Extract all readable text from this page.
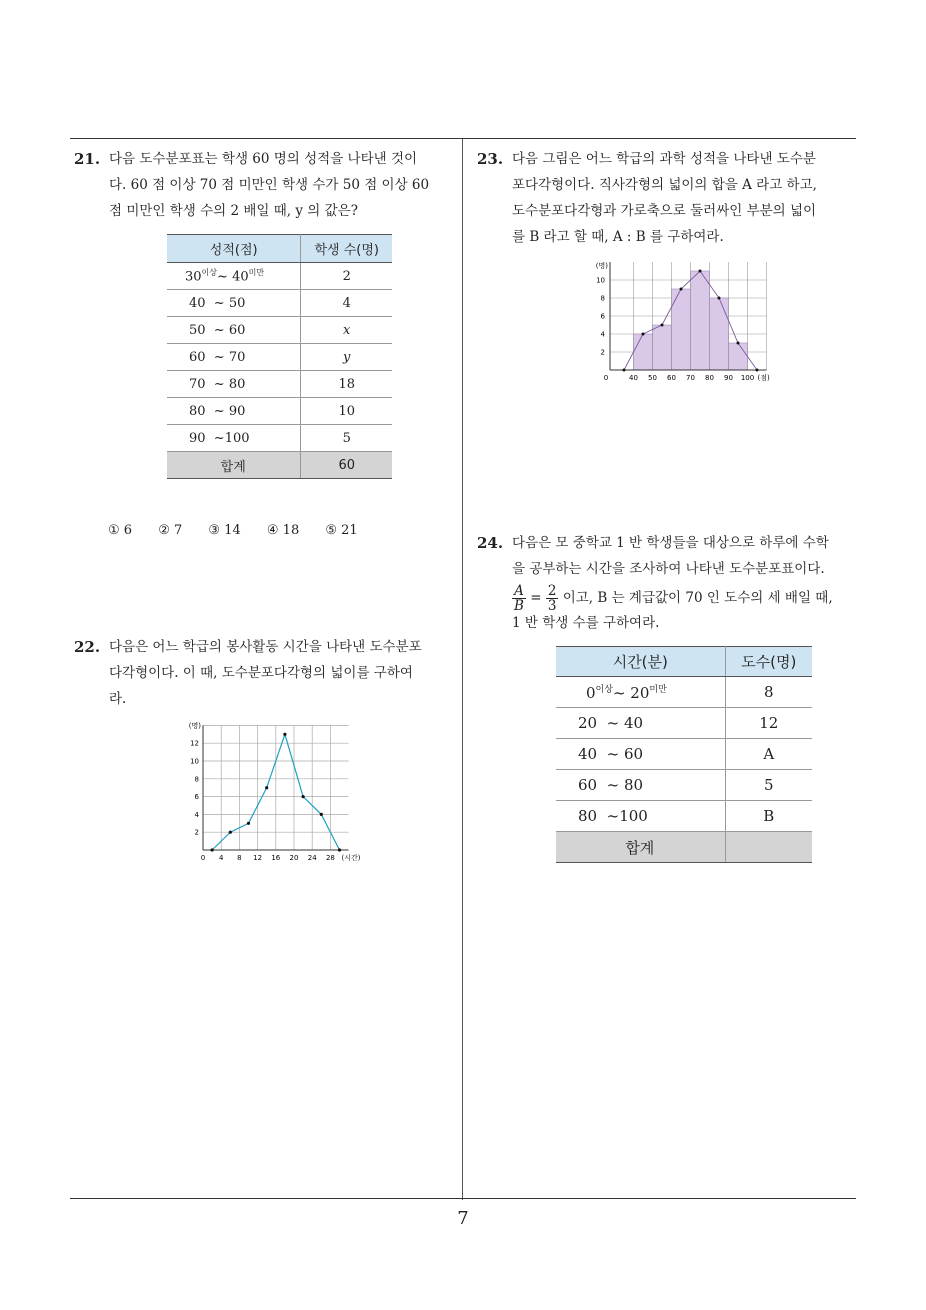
21. 다음 도수분포표는 학생 60 명의 성적을 나타낸 것이
다. 60 점 이상 70 점 미만인 학생 수가 50 점 이상 60
점 미만인 학생 수의 2 배일 때, y 의 값은?
성적(점)	학생 수(명)
$30^{이상}\sim$ $40^{미만}$	2
40  ~ 50	4
50  ~ 60	x
60  ~ 70	y
70  ~ 80	18
80  ~ 90	10
90  ~100	5
합계	60
① 6 ② 7 ③ 14 ④ 18 ⑤ 21
22. 다음은 어느 학급의 봉사활동 시간을 나타낸 도수분포
다각형이다. 이 때, 도수분포다각형의 넓이를 구하여
라.
0 4 8 12 16 20 24 28
2
4
6
8
10
12
(명)
(시간)
23. 다음 그림은 어느 학급의 과학 성적을 나타낸 도수분
포다각형이다. 직사각형의 넓이의 합을 A 라고 하고,
도수분포다각형과 가로축으로 둘러싸인 부분의 넓이
를 B 라고 할 때, A : B 를 구하여라.
0	40 50 60 70 80 90 100
2
4
6
8
10
(명)
(점)
24. 다음은 모 중학교 1 반 학생들을 대상으로 하루에 수학
을 공부하는 시간을 조사하여 나타낸 도수분포표이다.
$\frac{A}{B} = \frac{2}{3}$ 이고, B 는 계급값이 70 인 도수의 세 배일 때,
1 반 학생 수를 구하여라.
시간(분)	도수(명)
$0^{이상}\sim$ $20^{미만}$	8
20  ~ 40	12
40  ~ 60	A
60  ~ 80	5
80  ~100	B
합계	
7
